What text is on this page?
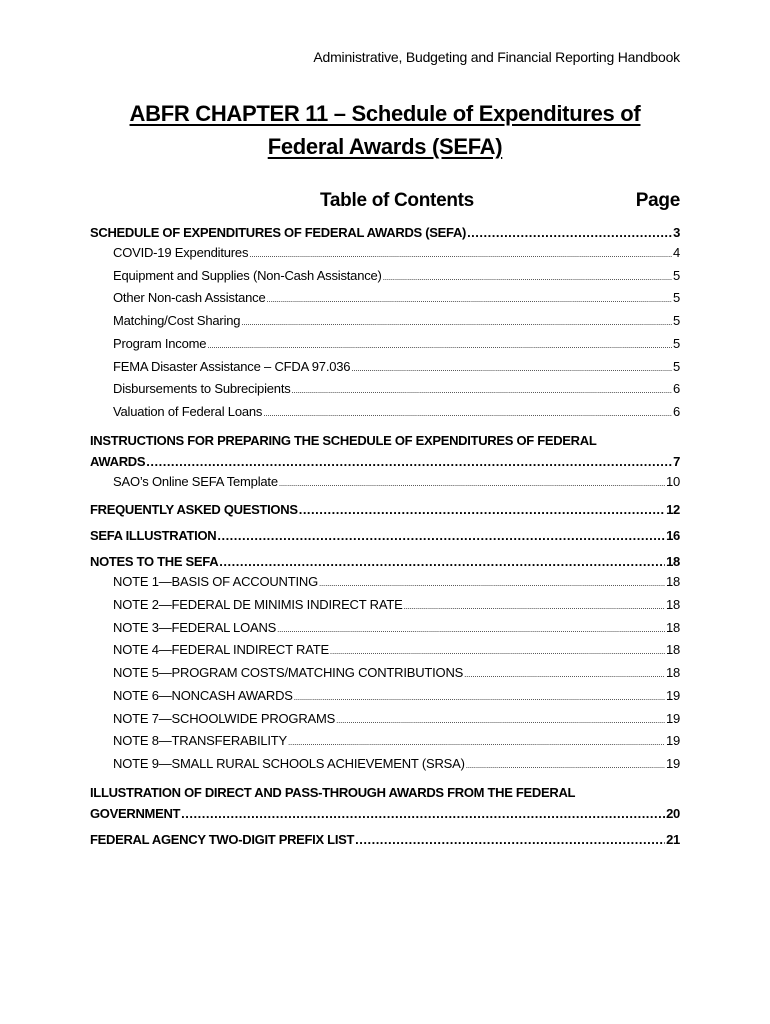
Administrative, Budgeting and Financial Reporting Handbook
ABFR CHAPTER 11 – Schedule of Expenditures of
Federal Awards (SEFA)
Table of Contents	Page
SCHEDULE OF EXPENDITURES OF FEDERAL AWARDS (SEFA) .....	3
COVID-19 Expenditures .....	4
Equipment and Supplies (Non-Cash Assistance) .....	5
Other Non-cash Assistance .....	5
Matching/Cost Sharing .....	5
Program Income .....	5
FEMA Disaster Assistance – CFDA 97.036 .....	5
Disbursements to Subrecipients .....	6
Valuation of Federal Loans .....	6
INSTRUCTIONS FOR PREPARING THE SCHEDULE OF EXPENDITURES OF FEDERAL
AWARDS .....	7
SAO’s Online SEFA Template .....	10
FREQUENTLY ASKED QUESTIONS .....	12
SEFA ILLUSTRATION .....	16
NOTES TO THE SEFA .....	18
NOTE 1—BASIS OF ACCOUNTING .....	18
NOTE 2—FEDERAL DE MINIMIS INDIRECT RATE .....	18
NOTE 3—FEDERAL LOANS .....	18
NOTE 4—FEDERAL INDIRECT RATE .....	18
NOTE 5—PROGRAM COSTS/MATCHING CONTRIBUTIONS .....	18
NOTE 6—NONCASH AWARDS .....	19
NOTE 7—SCHOOLWIDE PROGRAMS .....	19
NOTE 8—TRANSFERABILITY .....	19
NOTE 9—SMALL RURAL SCHOOLS ACHIEVEMENT (SRSA) .....	19
ILLUSTRATION OF DIRECT AND PASS-THROUGH AWARDS FROM THE FEDERAL
GOVERNMENT .....	20
FEDERAL AGENCY TWO-DIGIT PREFIX LIST .....	21
